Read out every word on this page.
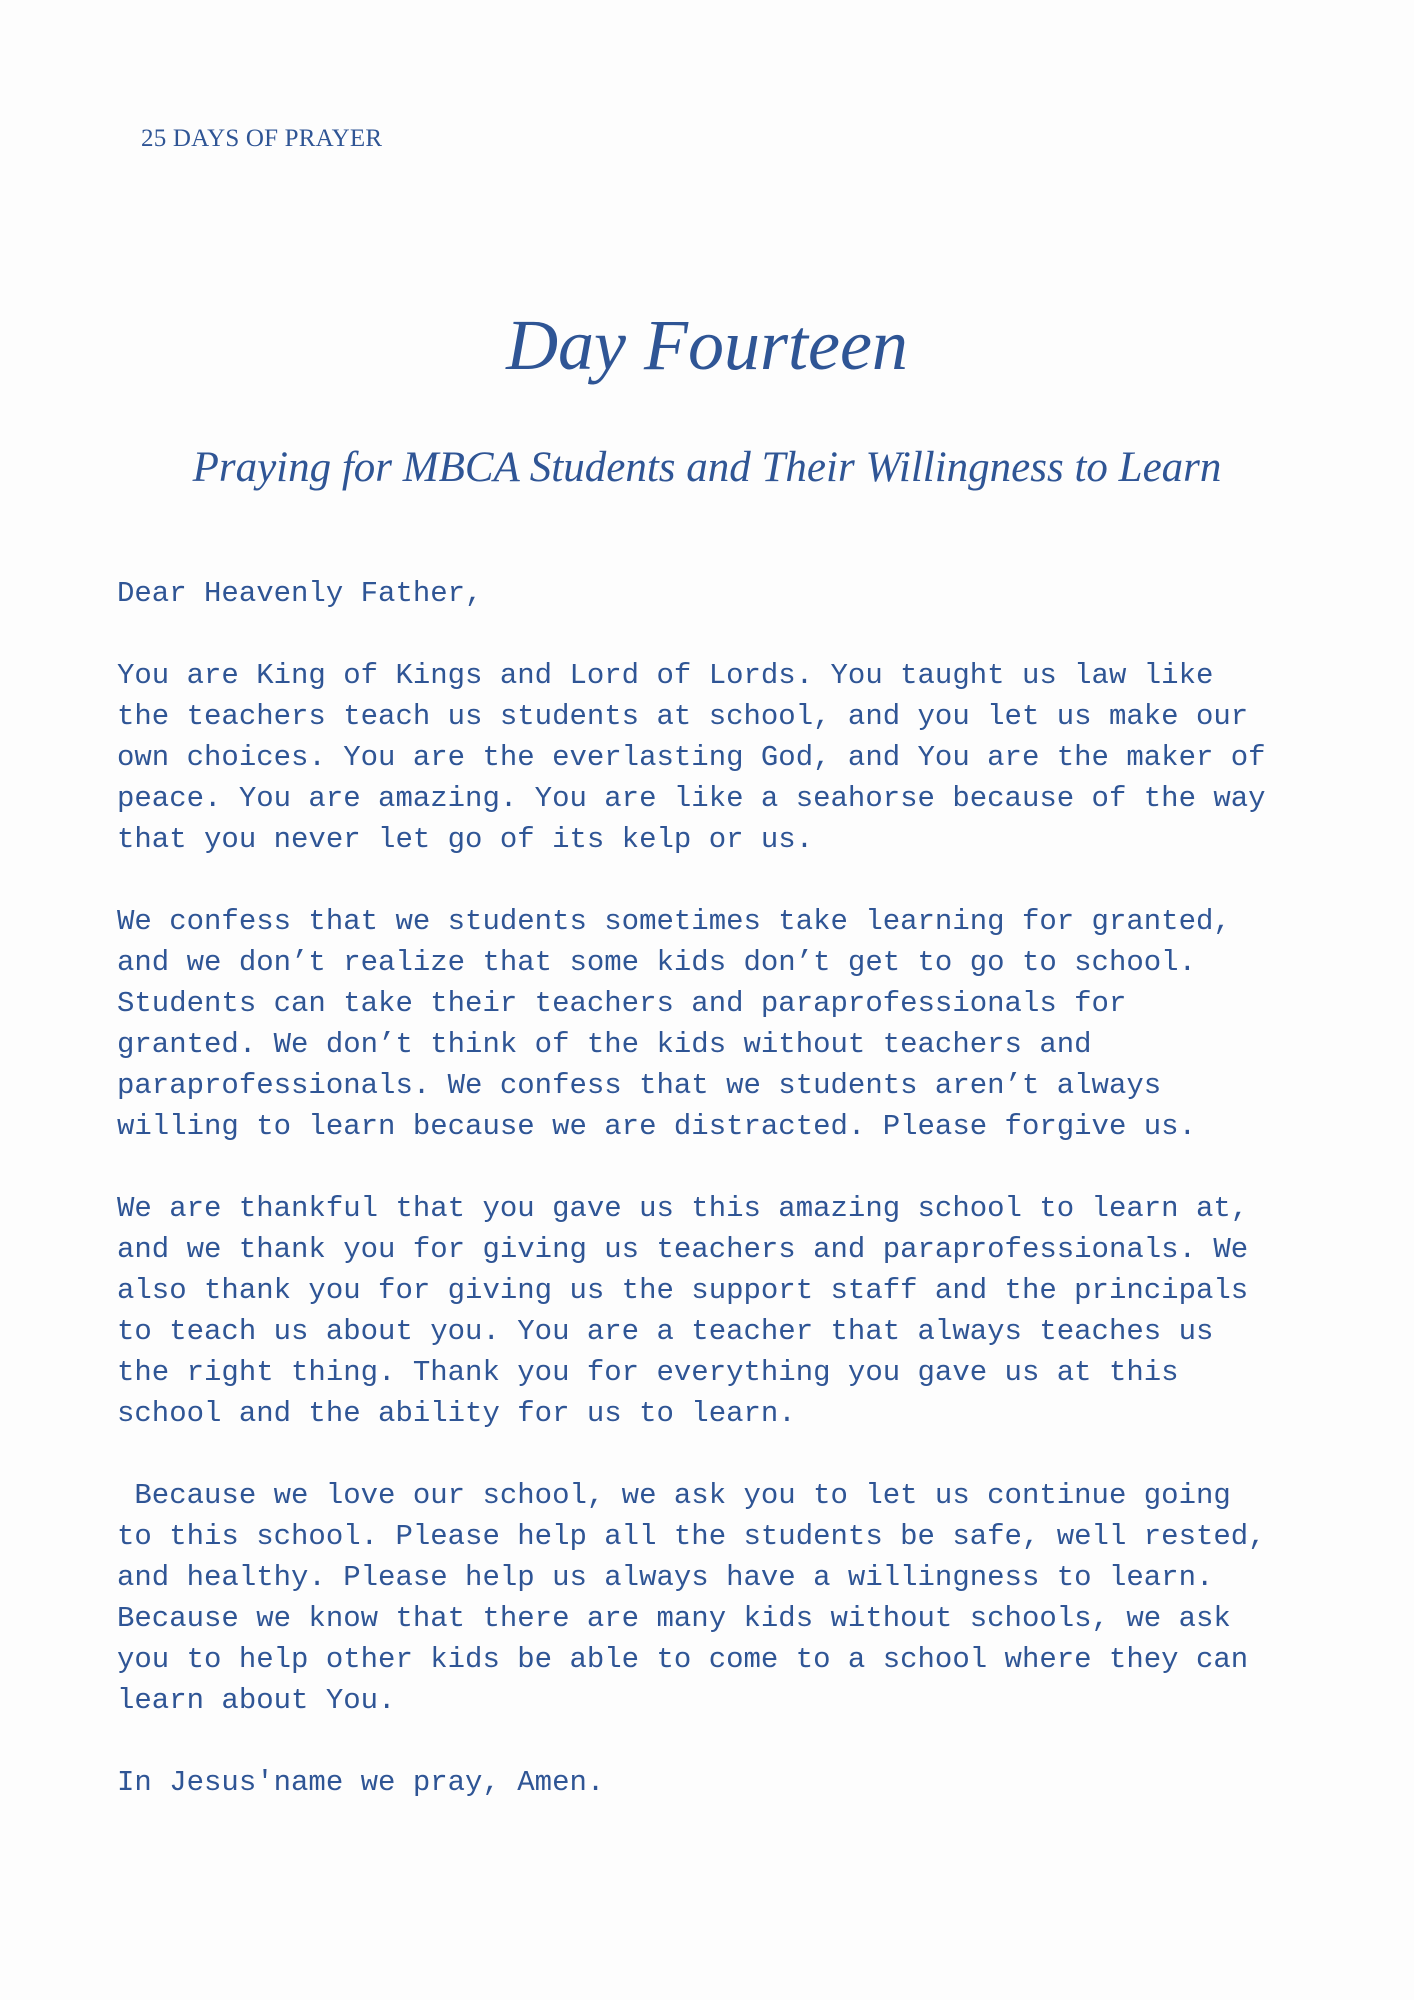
25 DAYS OF PRAYER
Day Fourteen
Praying for MBCA Students and Their Willingness to Learn

Dear Heavenly Father,

You are King of Kings and Lord of Lords. You taught us law like
the teachers teach us students at school, and you let us make our
own choices. You are the everlasting God, and You are the maker of
peace. You are amazing. You are like a seahorse because of the way
that you never let go of its kelp or us.

We confess that we students sometimes take learning for granted,
and we don’t realize that some kids don’t get to go to school.
Students can take their teachers and paraprofessionals for
granted. We don’t think of the kids without teachers and
paraprofessionals. We confess that we students aren’t always
willing to learn because we are distracted. Please forgive us.

We are thankful that you gave us this amazing school to learn at,
and we thank you for giving us teachers and paraprofessionals. We
also thank you for giving us the support staff and the principals
to teach us about you. You are a teacher that always teaches us
the right thing. Thank you for everything you gave us at this
school and the ability for us to learn.

Because we love our school, we ask you to let us continue going
to this school. Please help all the students be safe, well rested,
and healthy. Please help us always have a willingness to learn.
Because we know that there are many kids without schools, we ask
you to help other kids be able to come to a school where they can
learn about You.

In Jesus'name we pray, Amen.
